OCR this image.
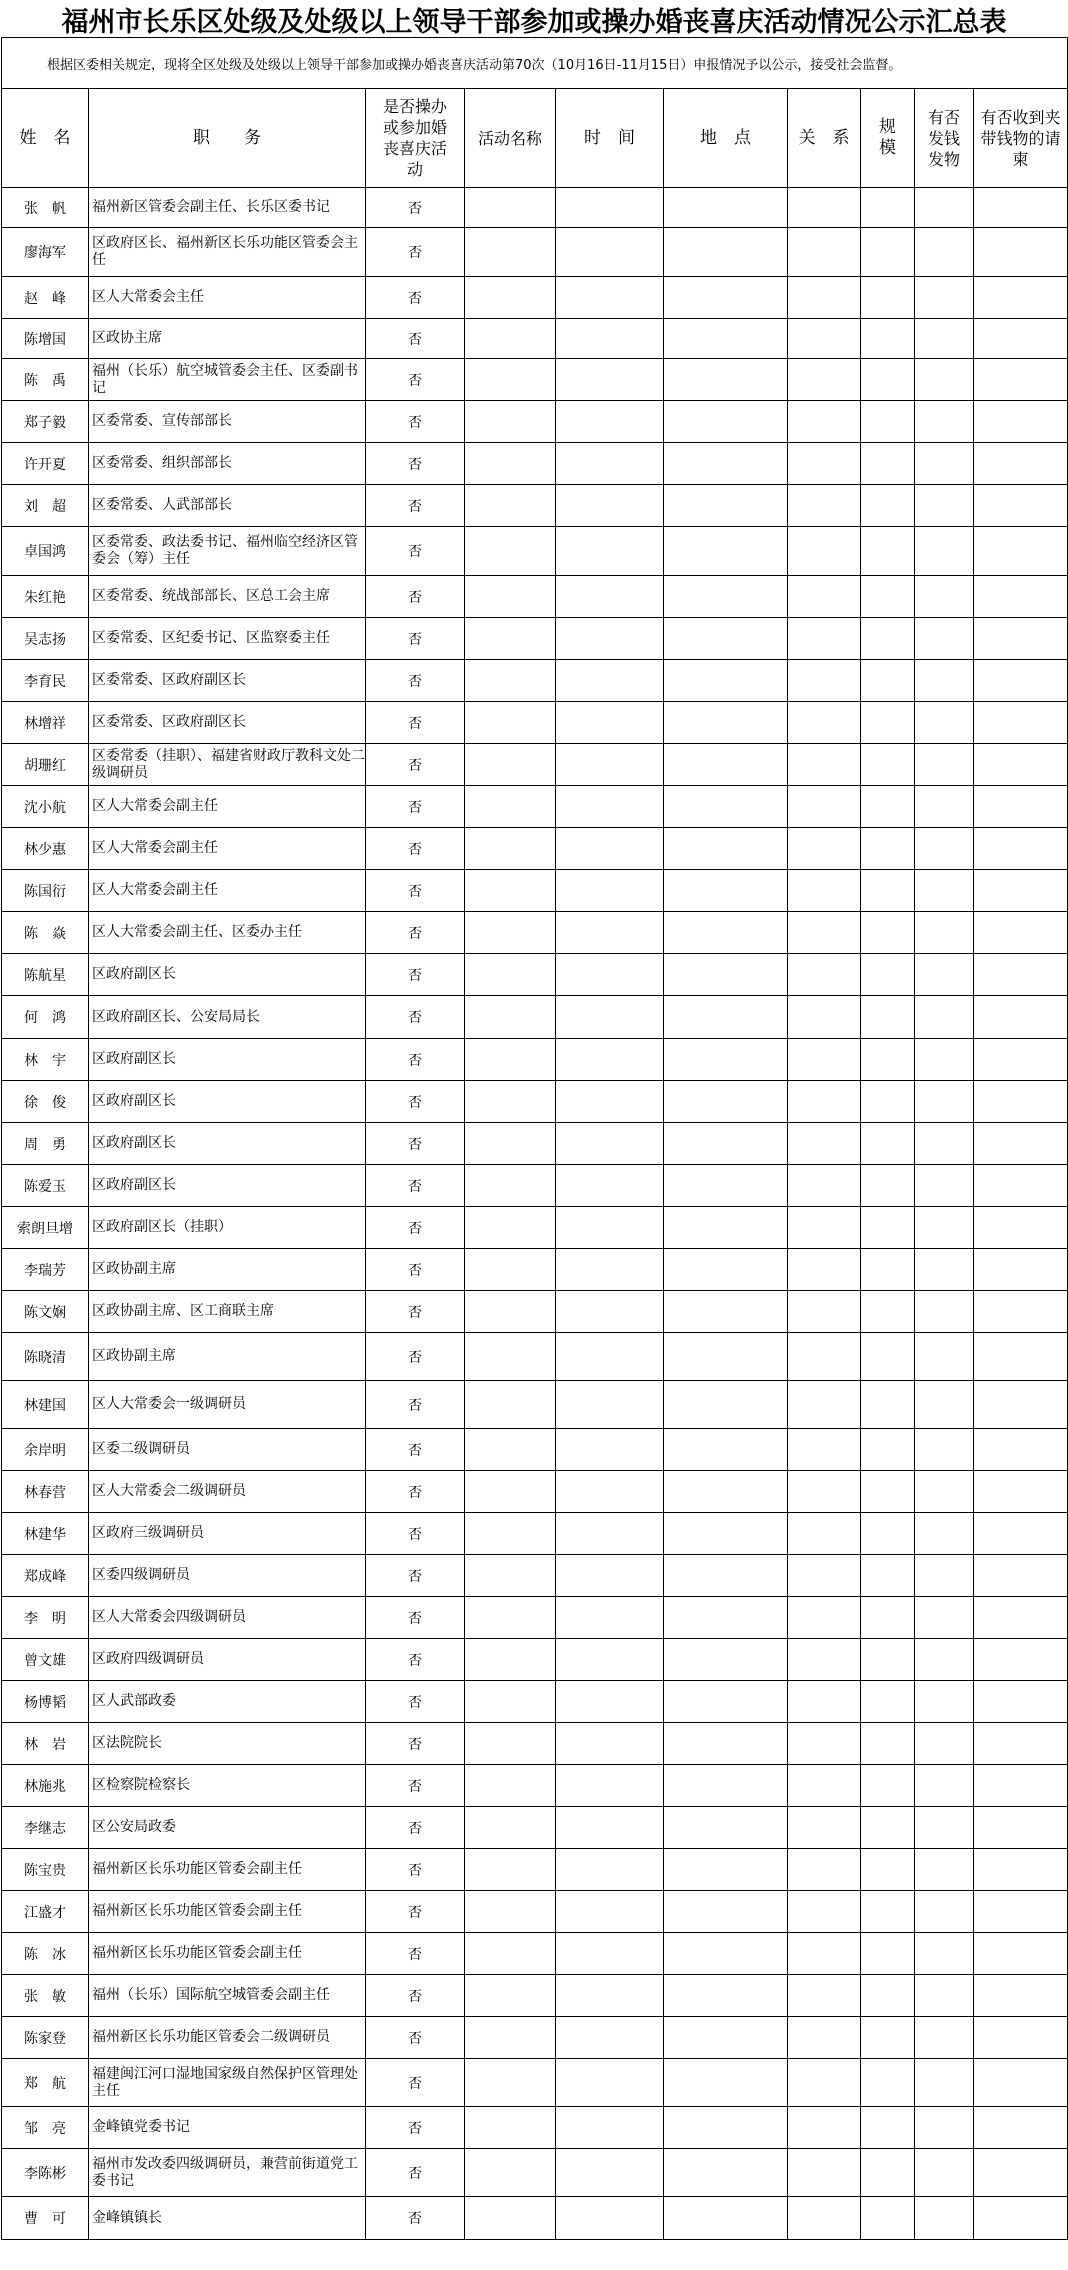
福州市长乐区处级及处级以上领导干部参加或操办婚丧喜庆活动情况公示汇总表
根据区委相关规定，现将全区处级及处级以上领导干部参加或操办婚丧喜庆活动第70次（10月16日-11月15日）申报情况予以公示，接受社会监督。									
姓　名	职　　务	是否操办或参加婚丧喜庆活动	活动名称	时　间	地　点	关　系	规模	有否发钱发物	有否收到夹带钱物的请柬
张　帆	福州新区管委会副主任、长乐区委书记	否							
廖海军	区政府区长、福州新区长乐功能区管委会主任	否							
赵　峰	区人大常委会主任	否							
陈增国	区政协主席	否							
陈　禹	福州（长乐）航空城管委会主任、区委副书记	否							
郑子毅	区委常委、宣传部部长	否							
许开夏	区委常委、组织部部长	否							
刘　超	区委常委、人武部部长	否							
卓国鸿	区委常委、政法委书记、福州临空经济区管委会（筹）主任	否							
朱红艳	区委常委、统战部部长、区总工会主席	否							
吴志扬	区委常委、区纪委书记、区监察委主任	否							
李育民	区委常委、区政府副区长	否							
林增祥	区委常委、区政府副区长	否							
胡珊红	区委常委（挂职）、福建省财政厅教科文处二级调研员	否							
沈小航	区人大常委会副主任	否							
林少惠	区人大常委会副主任	否							
陈国衍	区人大常委会副主任	否							
陈　焱	区人大常委会副主任、区委办主任	否							
陈航星	区政府副区长	否							
何　鸿	区政府副区长、公安局局长	否							
林　宇	区政府副区长	否							
徐　俊	区政府副区长	否							
周　勇	区政府副区长	否							
陈爱玉	区政府副区长	否							
索朗旦增	区政府副区长（挂职）	否							
李瑞芳	区政协副主席	否							
陈文娴	区政协副主席、区工商联主席	否							
陈晓清	区政协副主席	否							
林建国	区人大常委会一级调研员	否							
余岸明	区委二级调研员	否							
林春营	区人大常委会二级调研员	否							
林建华	区政府三级调研员	否							
郑成峰	区委四级调研员	否							
李　明	区人大常委会四级调研员	否							
曾文雄	区政府四级调研员	否							
杨博韬	区人武部政委	否							
林　岩	区法院院长	否							
林施兆	区检察院检察长	否							
李继志	区公安局政委	否							
陈宝贵	福州新区长乐功能区管委会副主任	否							
江盛才	福州新区长乐功能区管委会副主任	否							
陈　冰	福州新区长乐功能区管委会副主任	否							
张　敏	福州（长乐）国际航空城管委会副主任	否							
陈家登	福州新区长乐功能区管委会二级调研员	否							
郑　航	福建闽江河口湿地国家级自然保护区管理处主任	否							
邹　亮	金峰镇党委书记	否							
李陈彬	福州市发改委四级调研员，兼营前街道党工委书记	否							
曹　可	金峰镇镇长	否							
